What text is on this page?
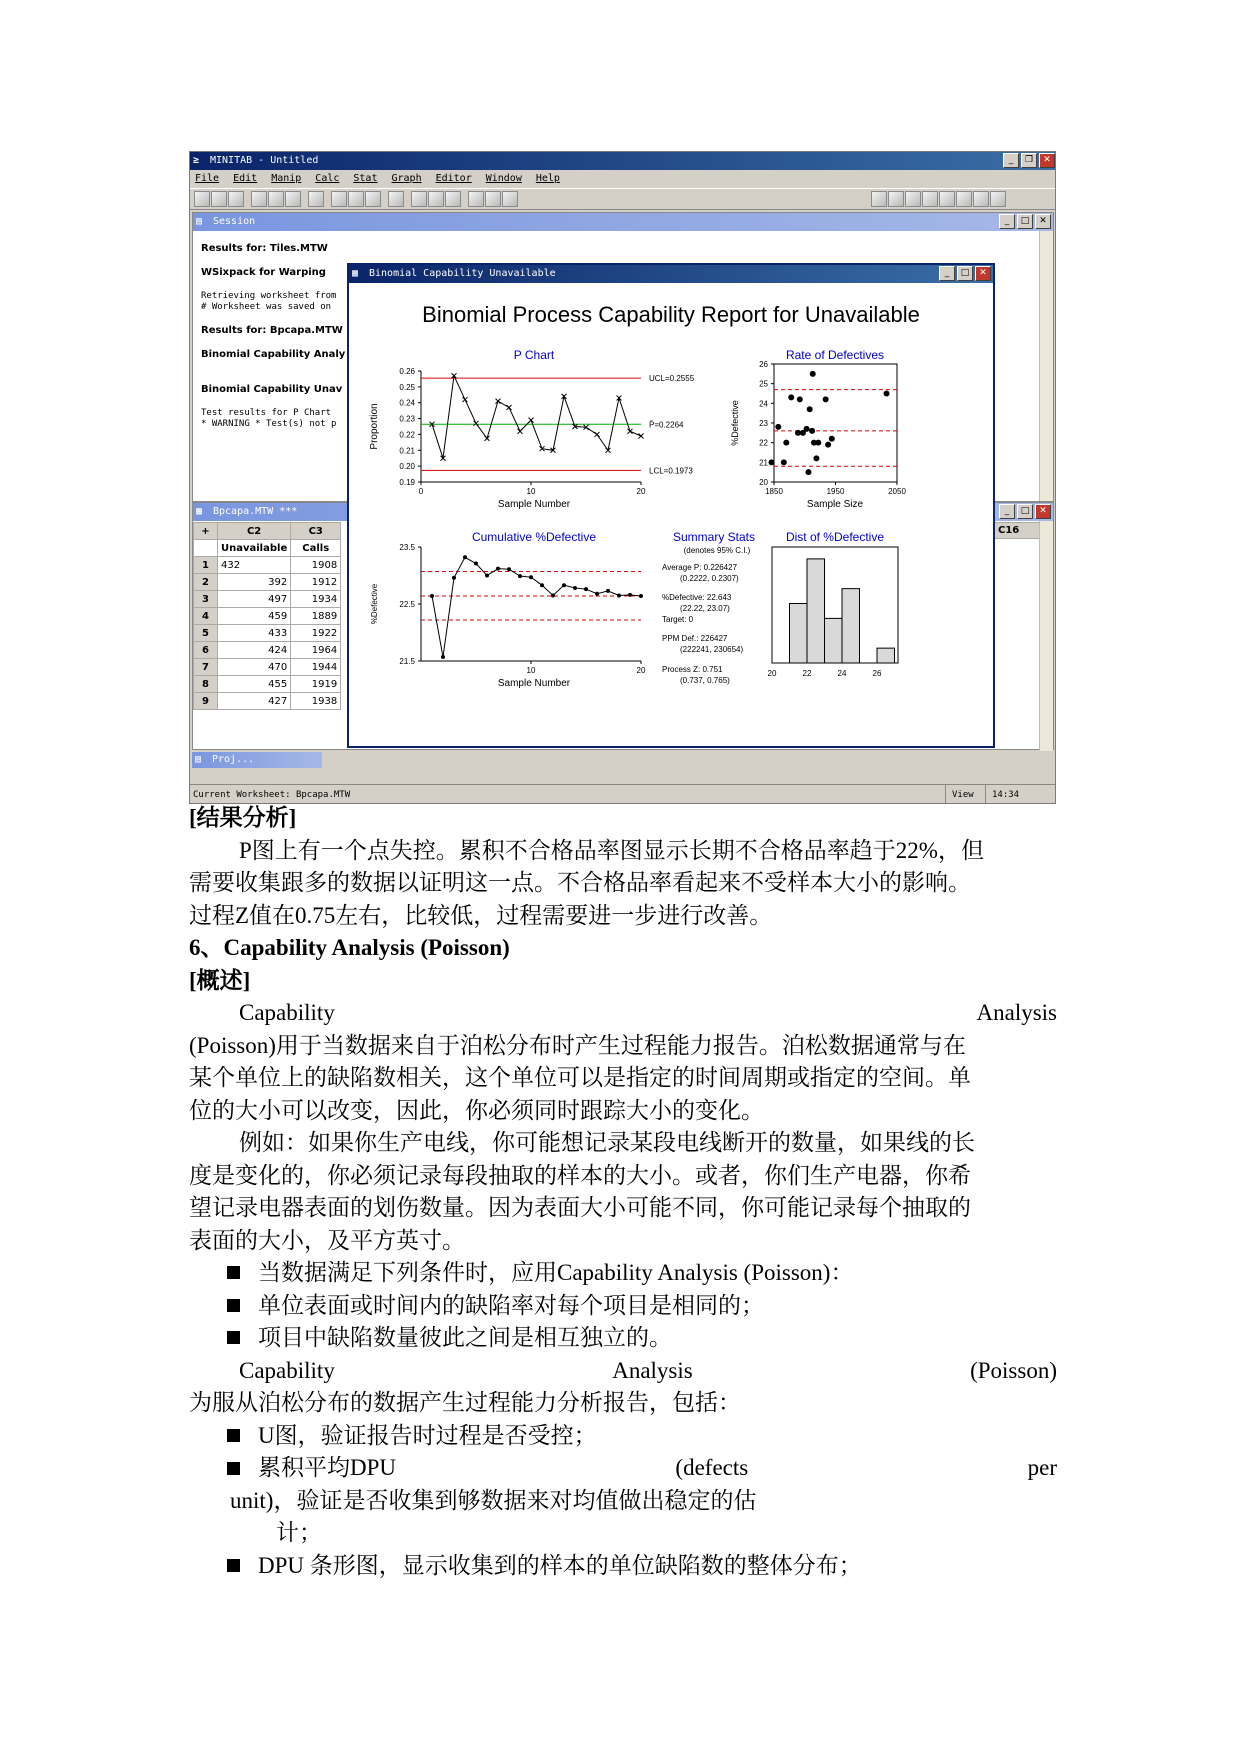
≥ MINITAB - Untitled	_	❐	✕
File Edit Manip Calc Stat Graph Editor Window Help
▤ Session	_	□	✕
Results for: Tiles.MTW
WSixpack for Warping
Retrieving worksheet from
# Worksheet was saved on
Results for: Bpcapa.MTW
Binomial Capability Analy
Binomial Capability Unav
Test results for P Chart
* WARNING * Test(s) not p
▦ Bpcapa.MTW ***	_	□	✕
+	C2	C3
	Unavailable	Calls
1	432	1908
2	392	1912
3	497	1934
4	459	1889
5	433	1922
6	424	1964
7	470	1944
8	455	1919
9	427	1938
C16
▤ Proj...
Current Worksheet: Bpcapa.MTW	View	14:34
▦ Binomial Capability Unavailable	_	□	✕
Binomial Process Capability Report for Unavailable
P Chart
0.26
0.25
0.24
0.23
0.22
0.21
0.20
0.19
0	10	20
Sample Number
Proportion
UCL=0.2555
P̄=0.2264
LCL=0.1973
Rate of Defectives
26
25
24
23
22
21
20
1850	1950	2050
Sample Size
%Defective
Cumulative %Defective
23.5
22.5
21.5
10	20
Sample Number
%Defective
Summary Stats
(denotes 95% C.I.)
Average P: 0.226427
(0.2222, 0.2307)
%Defective: 22.643
(22.22, 23.07)
Target: 0
PPM Def.: 226427
(222241, 230654)
Process Z: 0.751
(0.737, 0.765)
Dist of %Defective
20	22	24	26
[结果分析]
P图上有一个点失控。累积不合格品率图显示长期不合格品率趋于22%，但
需要收集跟多的数据以证明这一点。不合格品率看起来不受样本大小的影响。
过程Z值在0.75左右，比较低，过程需要进一步进行改善。
6、Capability Analysis (Poisson)
[概述]
Capability	Analysis
(Poisson)用于当数据来自于泊松分布时产生过程能力报告。泊松数据通常与在
某个单位上的缺陷数相关，这个单位可以是指定的时间周期或指定的空间。单
位的大小可以改变，因此，你必须同时跟踪大小的变化。
例如：如果你生产电线，你可能想记录某段电线断开的数量，如果线的长
度是变化的，你必须记录每段抽取的样本的大小。或者，你们生产电器，你希
望记录电器表面的划伤数量。因为表面大小可能不同，你可能记录每个抽取的
表面的大小，及平方英寸。
当数据满足下列条件时，应用Capability Analysis (Poisson)：
单位表面或时间内的缺陷率对每个项目是相同的；
项目中缺陷数量彼此之间是相互独立的。
Capability	Analysis	(Poisson)
为服从泊松分布的数据产生过程能力分析报告，包括：
U图，验证报告时过程是否受控；
累积平均DPU	(defects	per
unit)，验证是否收集到够数据来对均值做出稳定的估
计；
DPU 条形图，显示收集到的样本的单位缺陷数的整体分布；
